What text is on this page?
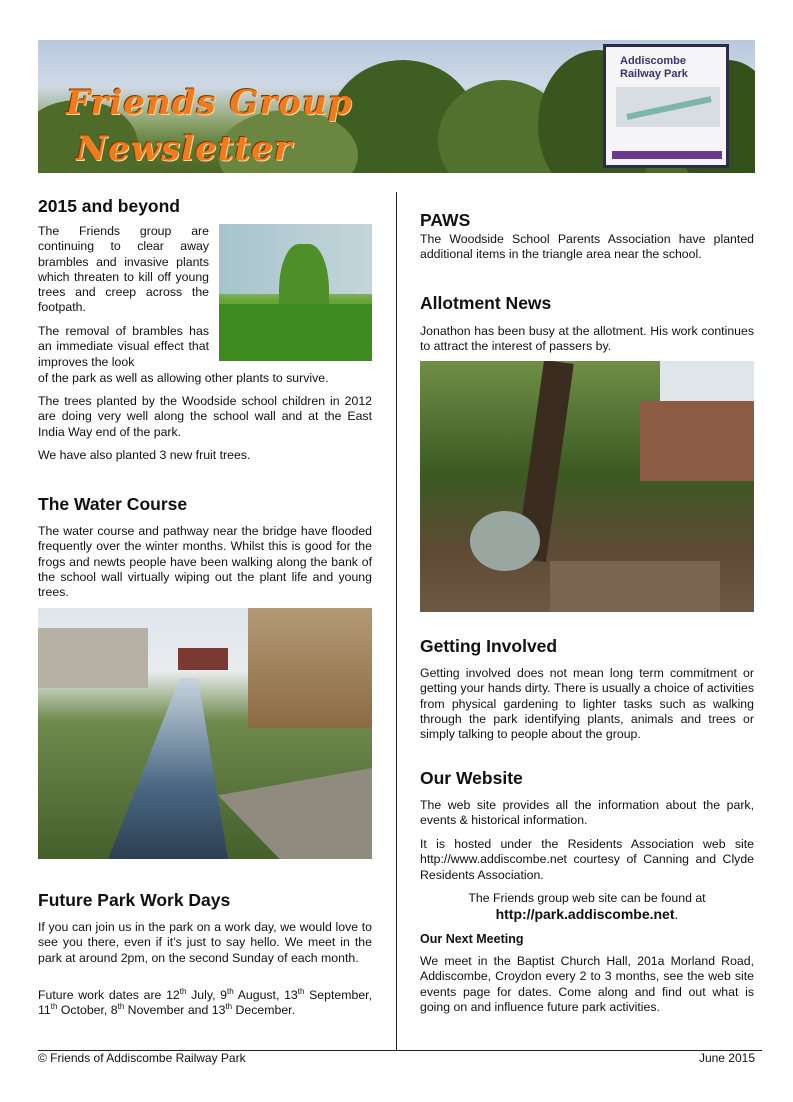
Addiscombe
Railway Park
Friends Group
Newsletter
2015 and beyond

The Friends group are continuing to clear away brambles and invasive plants which threaten to kill off young trees and creep across the footpath.

The removal of brambles has an immediate visual effect that improves the look

of the park as well as allowing other plants to survive.

The trees planted by the Woodside school children in 2012 are doing very well along the school wall and at the East India Way end of the park.

We have also planted 3 new fruit trees.

The Water Course

The water course and pathway near the bridge have flooded frequently over the winter months. Whilst this is good for the frogs and newts people have been walking along the bank of the school wall virtually wiping out the plant life and young trees.

Future Park Work Days

If you can join us in the park on a work day, we would love to see you there, even if it’s just to say hello. We meet in the park at around 2pm, on the second Sunday of each month.

Future work dates are 12th July, 9th August, 13th September, 11th October, 8th November and 13th December.

PAWS

The Woodside School Parents Association have planted additional items in the triangle area near the school.

Allotment News

Jonathon has been busy at the allotment. His work continues to attract the interest of passers by.

Getting Involved

Getting involved does not mean long term commitment or getting your hands dirty. There is usually a choice of activities from physical gardening to lighter tasks such as walking through the park identifying plants, animals and trees or simply talking to people about the group.

Our Website

The web site provides all the information about the park, events & historical information.

It is hosted under the Residents Association web site http://www.addiscombe.net courtesy of Canning and Clyde Residents Association.

The Friends group web site can be found at

http://park.addiscombe.net.
Our Next Meeting

We meet in the Baptist Church Hall, 201a Morland Road, Addiscombe, Croydon every 2 to 3 months, see the web site events page for dates. Come along and find out what is going on and influence future park activities.

© Friends of Addiscombe Railway Park	June 2015
